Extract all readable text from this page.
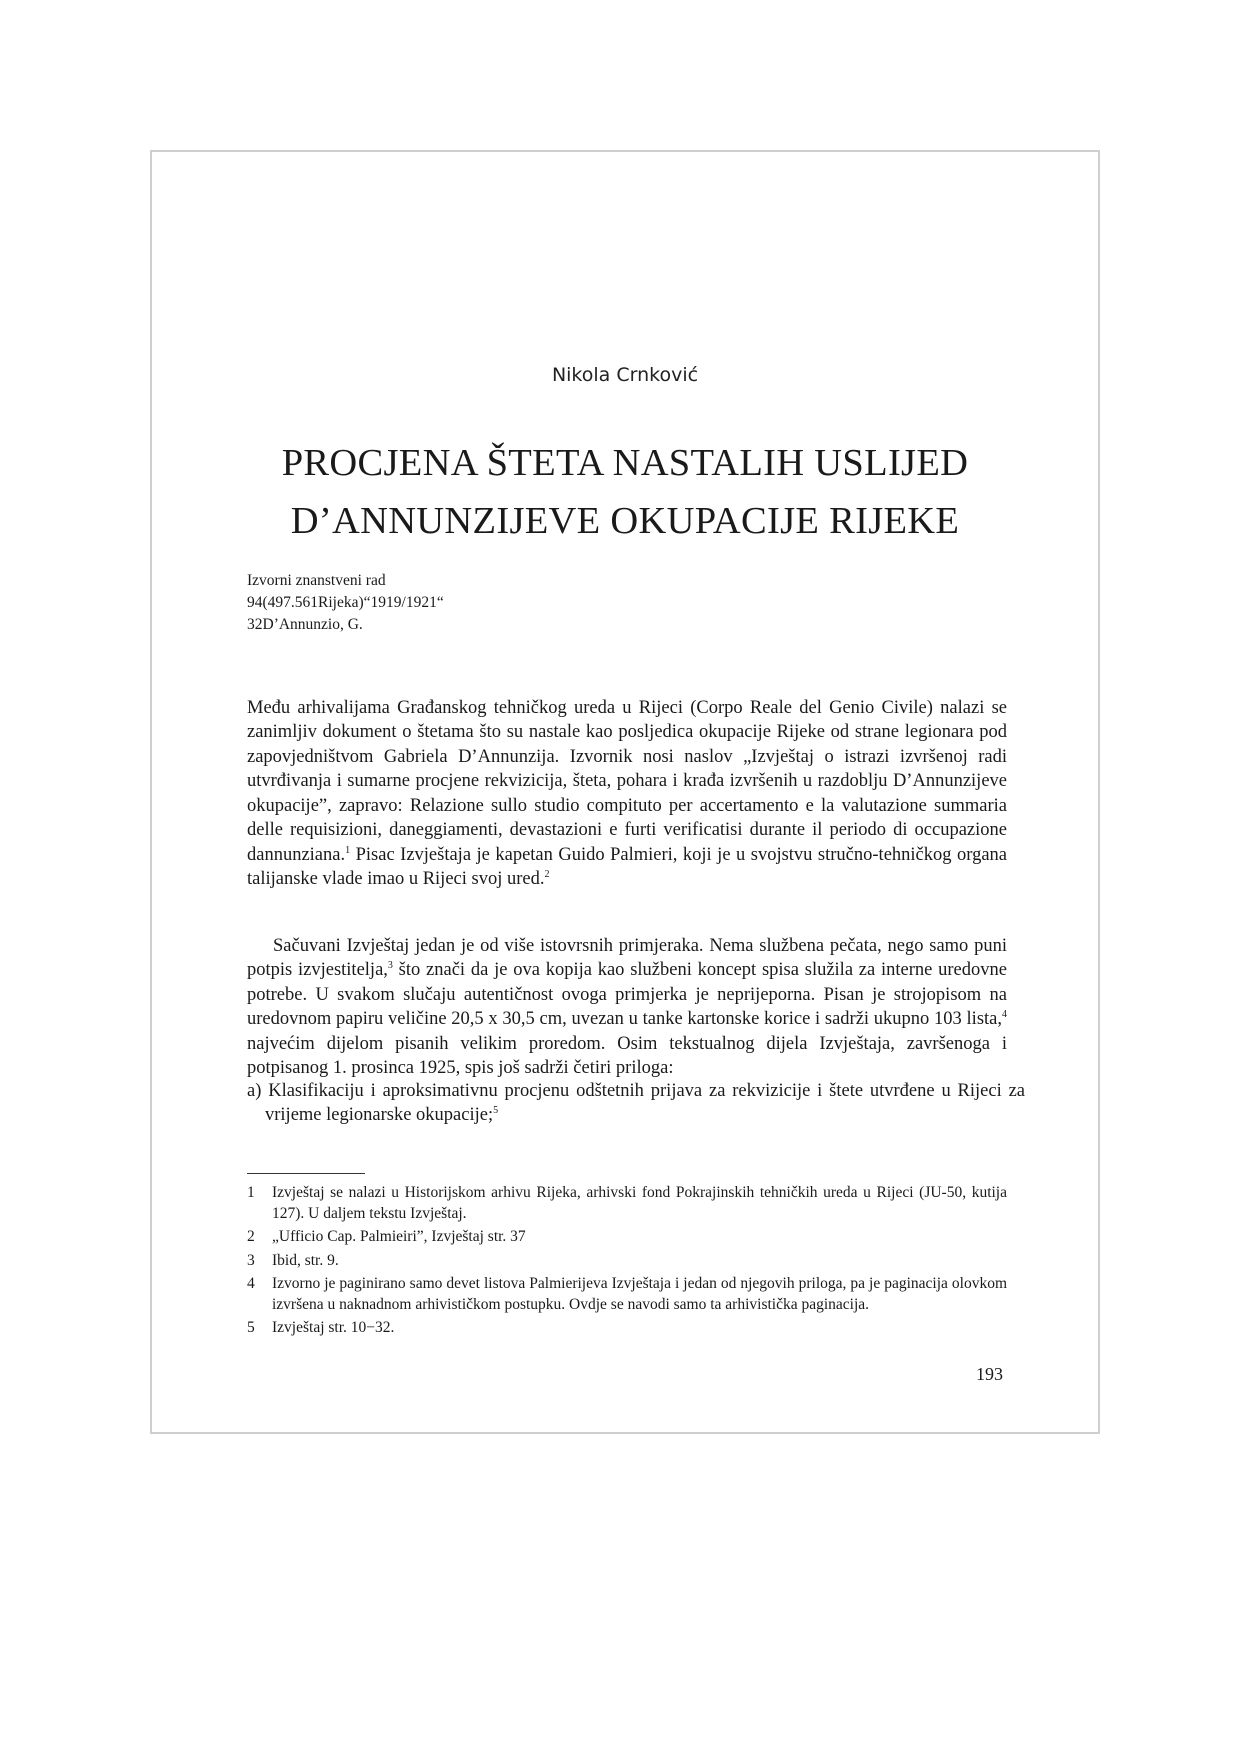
Nikola Crnković
PROCJENA ŠTETA NASTALIH USLIJED
D’ANNUNZIJEVE OKUPACIJE RIJEKE
Izvorni znanstveni rad
94(497.561Rijeka)“1919/1921“
32D’Annunzio, G.

Među arhivalijama Građanskog tehničkog ureda u Rijeci (Corpo Reale del Genio Civile) nalazi se zanimljiv dokument o štetama što su nastale kao posljedica okupacije Rijeke od strane legionara pod zapovjedništvom Gabriela D’Annunzija. Izvornik nosi naslov „Izvještaj o istrazi izvršenoj radi utvrđivanja i sumarne procjene rekvizicija, šteta, pohara i krađa izvršenih u razdoblju D’Annunzijeve okupacije”, zapravo: Relazione sullo studio compituto per accertamento e la valutazione summaria delle requisizioni, daneggiamenti, devastazioni e furti verificatisi durante il periodo di occupazione dannunziana.$^1$ Pisac Izvještaja je kapetan Guido Palmieri, koji je u svojstvu stručno-tehničkog organa talijanske vlade imao u Rijeci svoj ured.$^2$

Sačuvani Izvještaj jedan je od više istovrsnih primjeraka. Nema službena pečata, nego samo puni potpis izvjestitelja,$^3$ što znači da je ova kopija kao službeni koncept spisa služila za interne uredovne potrebe. U svakom slučaju autentičnost ovoga primjerka je neprijeporna. Pisan je strojopisom na uredovnom papiru veličine 20,5 x 30,5 cm, uvezan u tanke kartonske korice i sadrži ukupno 103 lista,$^4$ najvećim dijelom pisanih velikim proredom. Osim tekstualnog dijela Izvještaja, završenoga i potpisanog 1. prosinca 1925, spis još sadrži četiri priloga:

a) Klasifikaciju i aproksimativnu procjenu odštetnih prijava za rekvizicije i štete utvrđene u Rijeci za vrijeme legionarske okupacije;$^5$

1	Izvještaj se nalazi u Historijskom arhivu Rijeka, arhivski fond Pokrajinskih tehničkih ureda u Rijeci (JU-50, kutija 127). U daljem tekstu Izvještaj.
2	„Ufficio Cap. Palmieiri”, Izvještaj str. 37
3	Ibid, str. 9.
4	Izvorno je paginirano samo devet listova Palmierijeva Izvještaja i jedan od njegovih priloga, pa je paginacija olovkom izvršena u naknadnom arhivističkom postupku. Ovdje se navodi samo ta arhivistička paginacija.
5	Izvještaj str. 10−32.
193
